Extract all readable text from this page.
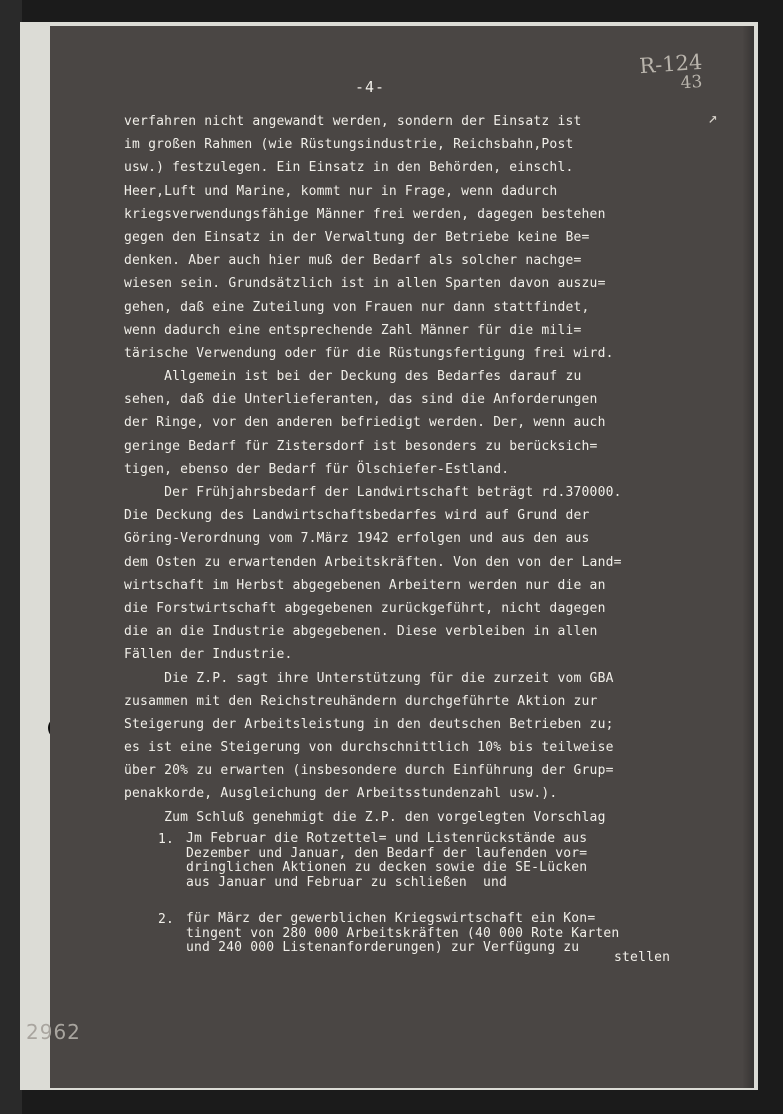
-4-
R-124
43
↗
verfahren nicht angewandt werden, sondern der Einsatz ist
im großen Rahmen (wie Rüstungsindustrie, Reichsbahn,Post
usw.) festzulegen. Ein Einsatz in den Behörden, einschl.
Heer,Luft und Marine, kommt nur in Frage, wenn dadurch
kriegsverwendungsfähige Männer frei werden, dagegen bestehen
gegen den Einsatz in der Verwaltung der Betriebe keine Be=
denken. Aber auch hier muß der Bedarf als solcher nachge=
wiesen sein. Grundsätzlich ist in allen Sparten davon auszu=
gehen, daß eine Zuteilung von Frauen nur dann stattfindet,
wenn dadurch eine entsprechende Zahl Männer für die mili=
tärische Verwendung oder für die Rüstungsfertigung frei wird.
Allgemein ist bei der Deckung des Bedarfes darauf zu
sehen, daß die Unterlieferanten, das sind die Anforderungen
der Ringe, vor den anderen befriedigt werden. Der, wenn auch
geringe Bedarf für Zistersdorf ist besonders zu berücksich=
tigen, ebenso der Bedarf für Ölschiefer-Estland.
Der Frühjahrsbedarf der Landwirtschaft beträgt rd.370000.
Die Deckung des Landwirtschaftsbedarfes wird auf Grund der
Göring-Verordnung vom 7.März 1942 erfolgen und aus den aus
dem Osten zu erwartenden Arbeitskräften. Von den von der Land=
wirtschaft im Herbst abgegebenen Arbeitern werden nur die an
die Forstwirtschaft abgegebenen zurückgeführt, nicht dagegen
die an die Industrie abgegebenen. Diese verbleiben in allen
Fällen der Industrie.
Die Z.P. sagt ihre Unterstützung für die zurzeit vom GBA
zusammen mit den Reichstreuhändern durchgeführte Aktion zur
Steigerung der Arbeitsleistung in den deutschen Betrieben zu;
es ist eine Steigerung von durchschnittlich 10% bis teilweise
über 20% zu erwarten (insbesondere durch Einführung der Grup=
penakkorde, Ausgleichung der Arbeitsstundenzahl usw.).
Zum Schluß genehmigt die Z.P. den vorgelegten Vorschlag
1. Jm Februar die Rotzettel= und Listenrückstände aus
Dezember und Januar, den Bedarf der laufenden vor=
dringlichen Aktionen zu decken sowie die SE-Lücken
aus Januar und Februar zu schließen  und
2. für März der gewerblichen Kriegswirtschaft ein Kon=
tingent von 280 000 Arbeitskräften (40 000 Rote Karten
und 240 000 Listenanforderungen) zur Verfügung zu
stellen
2962
